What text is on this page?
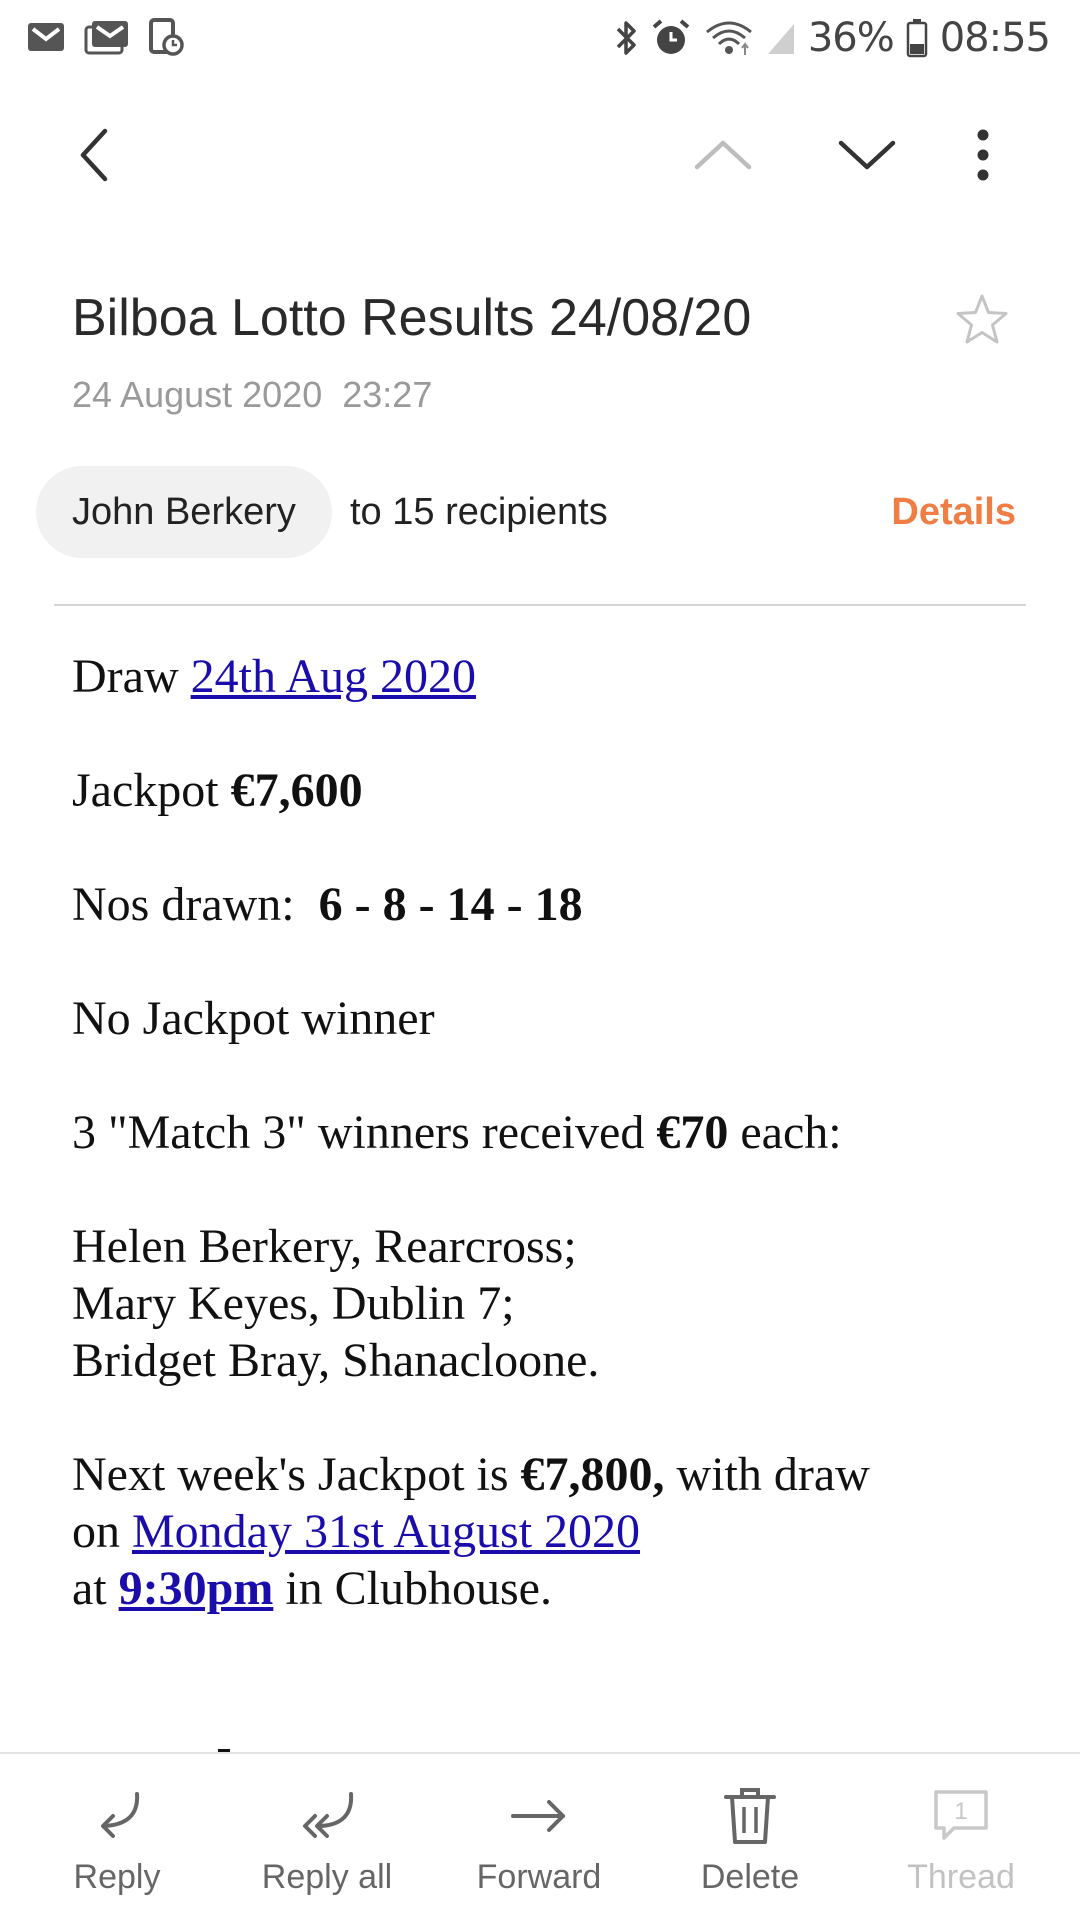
36% 08:55
Bilboa Lotto Results 24/08/20
24 August 2020 23:27
John Berkery	to 15 recipients	Details

Draw 24th Aug 2020

Jackpot €7,600

Nos drawn: 6 - 8 - 14 - 18

No Jackpot winner

3 "Match 3" winners received €70 each:

Helen Berkery, Rearcross;
Mary Keyes, Dublin 7;
Bridget Bray, Shanacloone.

Next week's Jackpot is €7,800, with draw
on Monday 31st August 2020
at 9:30pm in Clubhouse.

Reply	Reply all	Forward	Delete
1
Thread
